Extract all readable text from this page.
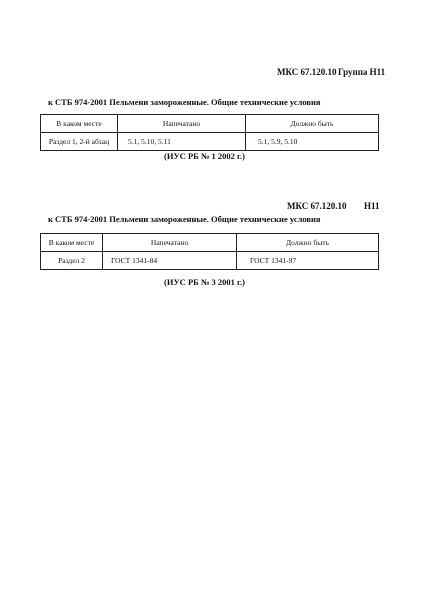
МКС 67.120.10 Группа Н11
к СТБ 974-2001 Пельмени замороженные. Общие технические условия
В каком месте	Напечатано	Должно быть
Раздел 1, 2-й абзац	5.1, 5.10, 5.11	5.1, 5.9, 5.10
(ИУС РБ № 1 2002 г.)
МКС 67.120.10 Н11
к СТБ 974-2001 Пельмени замороженные. Общие технические условия
В каком месте	Напечатано	Должно быть
Раздел 2	ГОСТ 1341-84	ГОСТ 1341-97
(ИУС РБ № 3 2001 г.)
